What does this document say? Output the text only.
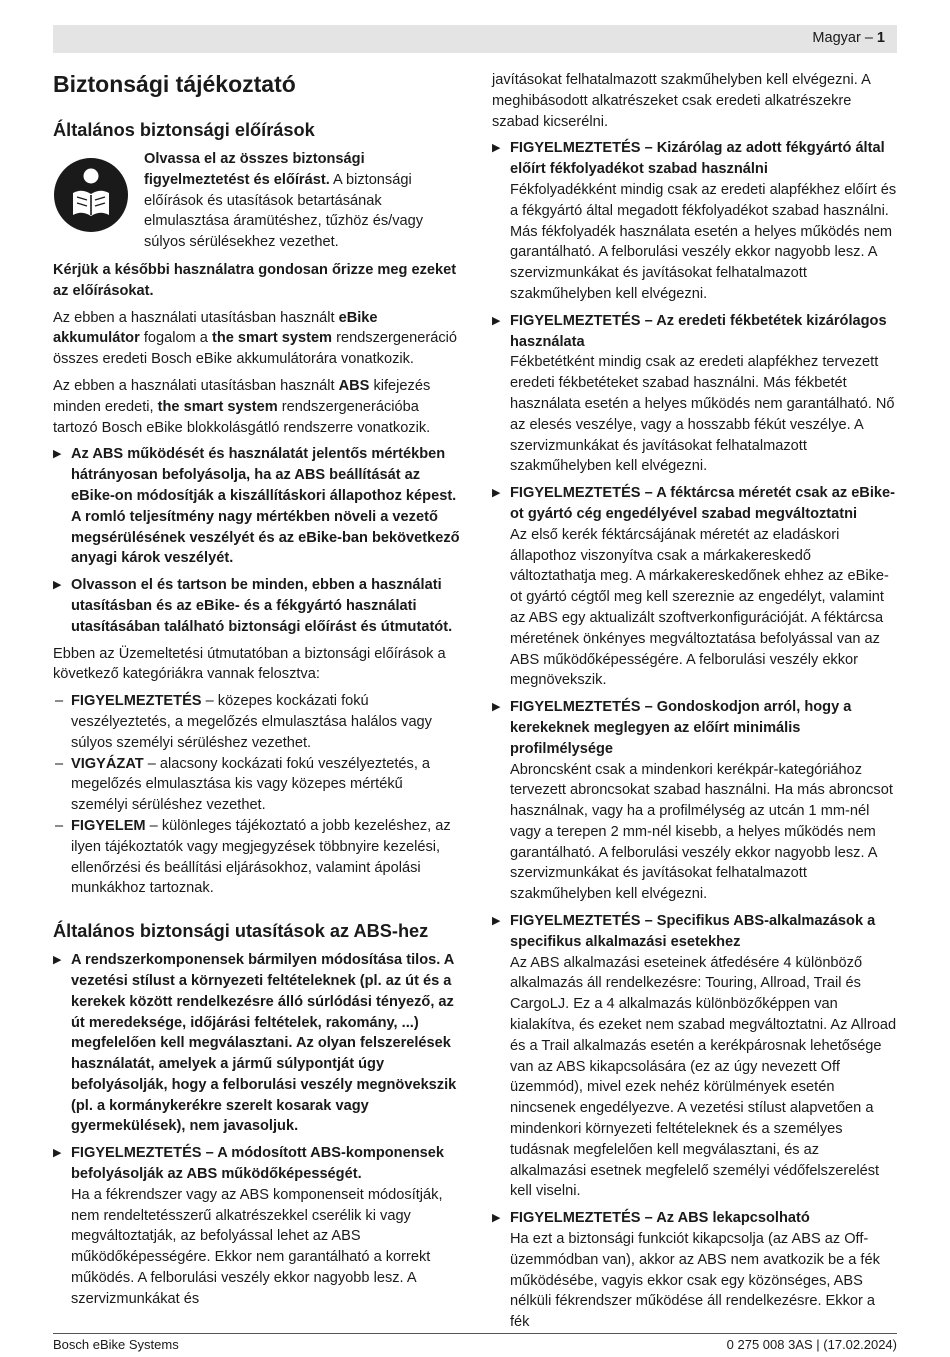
Magyar – 1
Biztonsági tájékoztató
Általános biztonsági előírások

Olvassa el az összes biztonsági figyelmeztetést és előírást. A biztonsági előírások és utasítások betartásának elmulasztása áramütéshez, tűzhöz és/vagy súlyos sérülésekhez vezethet.

Kérjük a későbbi használatra gondosan őrizze meg ezeket az előírásokat.

Az ebben a használati utasításban használt eBike akkumulátor fogalom a the smart system rendszergeneráció összes eredeti Bosch eBike akkumulátorára vonatkozik.

Az ebben a használati utasításban használt ABS kifejezés minden eredeti, the smart system rendszergenerációba tartozó Bosch eBike blokkolásgátló rendszerre vonatkozik.

▶ Az ABS működését és használatát jelentős mértékben hátrányosan befolyásolja, ha az ABS beállítását az eBike-on módosítják a kiszállításkori állapothoz képest. A romló teljesítmény nagy mértékben növeli a vezető megsérülésének veszélyét és az eBike-ban bekövetkező anyagi károk veszélyét.

▶ Olvasson el és tartson be minden, ebben a használati utasításban és az eBike- és a fékgyártó használati utasításában található biztonsági előírást és útmutatót.

Ebben az Üzemeltetési útmutatóban a biztonsági előírások a következő kategóriákra vannak felosztva:

– FIGYELMEZTETÉS – közepes kockázati fokú veszélyeztetés, a megelőzés elmulasztása halálos vagy súlyos személyi sérüléshez vezethet.

– VIGYÁZAT – alacsony kockázati fokú veszélyeztetés, a megelőzés elmulasztása kis vagy közepes mértékű személyi sérüléshez vezethet.

– FIGYELEM – különleges tájékoztató a jobb kezeléshez, az ilyen tájékoztatók vagy megjegyzések többnyire kezelési, ellenőrzési és beállítási eljárásokhoz, valamint ápolási munkákhoz tartoznak.

Általános biztonsági utasítások az ABS-hez

▶ A rendszerkomponensek bármilyen módosítása tilos. A vezetési stílust a környezeti feltételeknek (pl. az út és a kerekek között rendelkezésre álló súrlódási tényező, az út meredeksége, időjárási feltételek, rakomány, ...) megfelelően kell megválasztani. Az olyan felszerelések használatát, amelyek a jármű súlypontját úgy befolyásolják, hogy a felborulási veszély megnövekszik (pl. a kormánykerékre szerelt kosarak vagy gyermekülések), nem javasoljuk.

▶ FIGYELMEZTETÉS – A módosított ABS-komponensek befolyásolják az ABS működőképességét.
Ha a fékrendszer vagy az ABS komponenseit módosítják, nem rendeltetésszerű alkatrészekkel cserélik ki vagy megváltoztatják, az befolyással lehet az ABS működőképességére. Ekkor nem garantálható a korrekt működés. A felborulási veszély ekkor nagyobb lesz. A szervizmunkákat és

javításokat felhatalmazott szakműhelyben kell elvégezni. A meghibásodott alkatrészeket csak eredeti alkatrészekre szabad kicserélni.

▶ FIGYELMEZTETÉS – Kizárólag az adott fékgyártó által előírt fékfolyadékot szabad használni
Fékfolyadékként mindig csak az eredeti alapfékhez előírt és a fékgyártó által megadott fékfolyadékot szabad használni. Más fékfolyadék használata esetén a helyes működés nem garantálható. A felborulási veszély ekkor nagyobb lesz. A szervizmunkákat és javításokat felhatalmazott szakműhelyben kell elvégezni.
▶ FIGYELMEZTETÉS – Az eredeti fékbetétek kizárólagos használata
Fékbetétként mindig csak az eredeti alapfékhez tervezett eredeti fékbetéteket szabad használni. Más fékbetét használata esetén a helyes működés nem garantálható. Nő az elesés veszélye, vagy a hosszabb fékút veszélye. A szervizmunkákat és javításokat felhatalmazott szakműhelyben kell elvégezni.
▶ FIGYELMEZTETÉS – A féktárcsa méretét csak az eBike-ot gyártó cég engedélyével szabad megváltoztatni
Az első kerék féktárcsájának méretét az eladáskori állapothoz viszonyítva csak a márkakereskedő változtathatja meg. A márkakereskedőnek ehhez az eBike-ot gyártó cégtől meg kell szereznie az engedélyt, valamint az ABS egy aktualizált szoftverkonfigurációját. A féktárcsa méretének önkényes megváltoztatása befolyással van az ABS működőképességére. A felborulási veszély ekkor megnövekszik.
▶ FIGYELMEZTETÉS – Gondoskodjon arról, hogy a kerekeknek meglegyen az előírt minimális profilmélysége
Abroncsként csak a mindenkori kerékpár-kategóriához tervezett abroncsokat szabad használni. Ha más abroncsot használnak, vagy ha a profilmélység az utcán 1 mm-nél vagy a terepen 2 mm-nél kisebb, a helyes működés nem garantálható. A felborulási veszély ekkor nagyobb lesz. A szervizmunkákat és javításokat felhatalmazott szakműhelyben kell elvégezni.
▶ FIGYELMEZTETÉS – Specifikus ABS-alkalmazások a specifikus alkalmazási esetekhez
Az ABS alkalmazási eseteinek átfedésére 4 különböző alkalmazás áll rendelkezésre: Touring, Allroad, Trail és CargoLJ. Ez a 4 alkalmazás különbözőképpen van kialakítva, és ezeket nem szabad megváltoztatni. Az Allroad és a Trail alkalmazás esetén a kerékpárosnak lehetősége van az ABS kikapcsolására (ez az úgy nevezett Off üzemmód), mivel ezek nehéz körülmények esetén nincsenek engedélyezve. A vezetési stílust alapvetően a mindenkori környezeti feltételeknek és a személyes tudásnak megfelelően kell megválasztani, és az alkalmazási esetnek megfelelő személyi védőfelszerelést kell viselni.
▶ FIGYELMEZTETÉS – Az ABS lekapcsolható
Ha ezt a biztonsági funkciót kikapcsolja (az ABS az Off-üzemmódban van), akkor az ABS nem avatkozik be a fék működésébe, vagyis ekkor csak egy közönséges, ABS nélküli fékrendszer működése áll rendelkezésre. Ekkor a fék
Bosch eBike Systems	0 275 008 3AS | (17.02.2024)
